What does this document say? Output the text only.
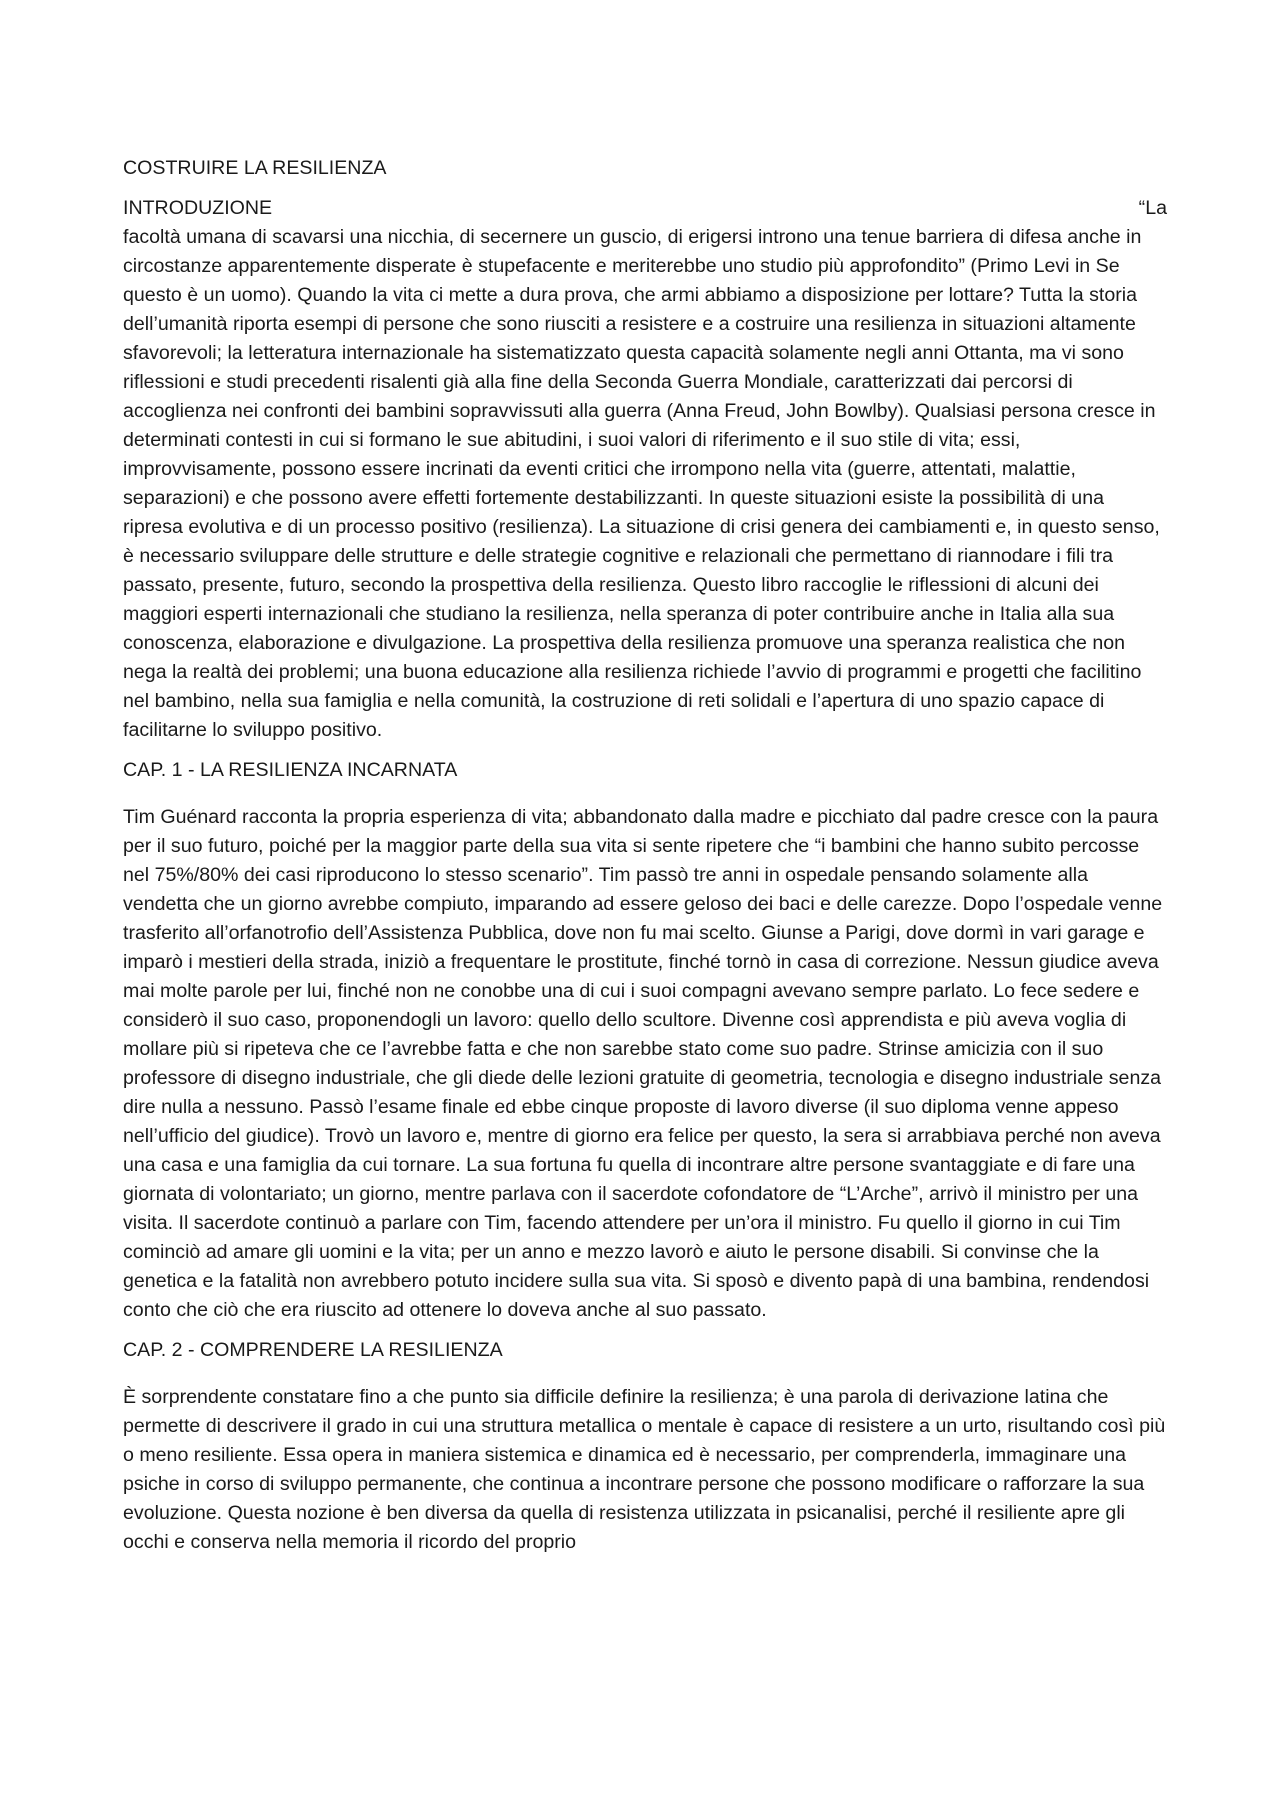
COSTRUIRE LA RESILIENZA
INTRODUZIONE	“La
facoltà umana di scavarsi una nicchia, di secernere un guscio, di erigersi introno una tenue barriera di difesa anche in circostanze apparentemente disperate è stupefacente e meriterebbe uno studio più approfondito” (Primo Levi in Se questo è un uomo). Quando la vita ci mette a dura prova, che armi abbiamo a disposizione per lottare? Tutta la storia dell’umanità riporta esempi di persone che sono riusciti a resistere e a costruire una resilienza in situazioni altamente sfavorevoli; la letteratura internazionale ha sistematizzato questa capacità solamente negli anni Ottanta, ma vi sono riflessioni e studi precedenti risalenti già alla fine della Seconda Guerra Mondiale, caratterizzati dai percorsi di accoglienza nei confronti dei bambini sopravvissuti alla guerra (Anna Freud, John Bowlby). Qualsiasi persona cresce in determinati contesti in cui si formano le sue abitudini, i suoi valori di riferimento e il suo stile di vita; essi, improvvisamente, possono essere incrinati da eventi critici che irrompono nella vita (guerre, attentati, malattie, separazioni) e che possono avere effetti fortemente destabilizzanti. In queste situazioni esiste la possibilità di una ripresa evolutiva e di un processo positivo (resilienza). La situazione di crisi genera dei cambiamenti e, in questo senso, è necessario sviluppare delle strutture e delle strategie cognitive e relazionali che permettano di riannodare i fili tra passato, presente, futuro, secondo la prospettiva della resilienza. Questo libro raccoglie le riflessioni di alcuni dei maggiori esperti internazionali che studiano la resilienza, nella speranza di poter contribuire anche in Italia alla sua conoscenza, elaborazione e divulgazione. La prospettiva della resilienza promuove una speranza realistica che non nega la realtà dei problemi; una buona educazione alla resilienza richiede l’avvio di programmi e progetti che facilitino nel bambino, nella sua famiglia e nella comunità, la costruzione di reti solidali e l’apertura di uno spazio capace di facilitarne lo sviluppo positivo.
CAP. 1 - LA RESILIENZA INCARNATA
Tim Guénard racconta la propria esperienza di vita; abbandonato dalla madre e picchiato dal padre cresce con la paura per il suo futuro, poiché per la maggior parte della sua vita si sente ripetere che “i bambini che hanno subito percosse nel 75%/80% dei casi riproducono lo stesso scenario”. Tim passò tre anni in ospedale pensando solamente alla vendetta che un giorno avrebbe compiuto, imparando ad essere geloso dei baci e delle carezze. Dopo l’ospedale venne trasferito all’orfanotrofio dell’Assistenza Pubblica, dove non fu mai scelto. Giunse a Parigi, dove dormì in vari garage e imparò i mestieri della strada, iniziò a frequentare le prostitute, finché tornò in casa di correzione. Nessun giudice aveva mai molte parole per lui, finché non ne conobbe una di cui i suoi compagni avevano sempre parlato. Lo fece sedere e considerò il suo caso, proponendogli un lavoro: quello dello scultore. Divenne così apprendista e più aveva voglia di mollare più si ripeteva che ce l’avrebbe fatta e che non sarebbe stato come suo padre. Strinse amicizia con il suo professore di disegno industriale, che gli diede delle lezioni gratuite di geometria, tecnologia e disegno industriale senza dire nulla a nessuno. Passò l’esame finale ed ebbe cinque proposte di lavoro diverse (il suo diploma venne appeso nell’ufficio del giudice). Trovò un lavoro e, mentre di giorno era felice per questo, la sera si arrabbiava perché non aveva una casa e una famiglia da cui tornare. La sua fortuna fu quella di incontrare altre persone svantaggiate e di fare una giornata di volontariato; un giorno, mentre parlava con il sacerdote cofondatore de “L’Arche”, arrivò il ministro per una visita. Il sacerdote continuò a parlare con Tim, facendo attendere per un’ora il ministro. Fu quello il giorno in cui Tim cominciò ad amare gli uomini e la vita; per un anno e mezzo lavorò e aiuto le persone disabili. Si convinse che la genetica e la fatalità non avrebbero potuto incidere sulla sua vita. Si sposò e divento papà di una bambina, rendendosi conto che ciò che era riuscito ad ottenere lo doveva anche al suo passato.
CAP. 2 - COMPRENDERE LA RESILIENZA
È sorprendente constatare fino a che punto sia difficile definire la resilienza; è una parola di derivazione latina che permette di descrivere il grado in cui una struttura metallica o mentale è capace di resistere a un urto, risultando così più o meno resiliente. Essa opera in maniera sistemica e dinamica ed è necessario, per comprenderla, immaginare una psiche in corso di sviluppo permanente, che continua a incontrare persone che possono modificare o rafforzare la sua evoluzione. Questa nozione è ben diversa da quella di resistenza utilizzata in psicanalisi, perché il resiliente apre gli occhi e conserva nella memoria il ricordo del proprio
